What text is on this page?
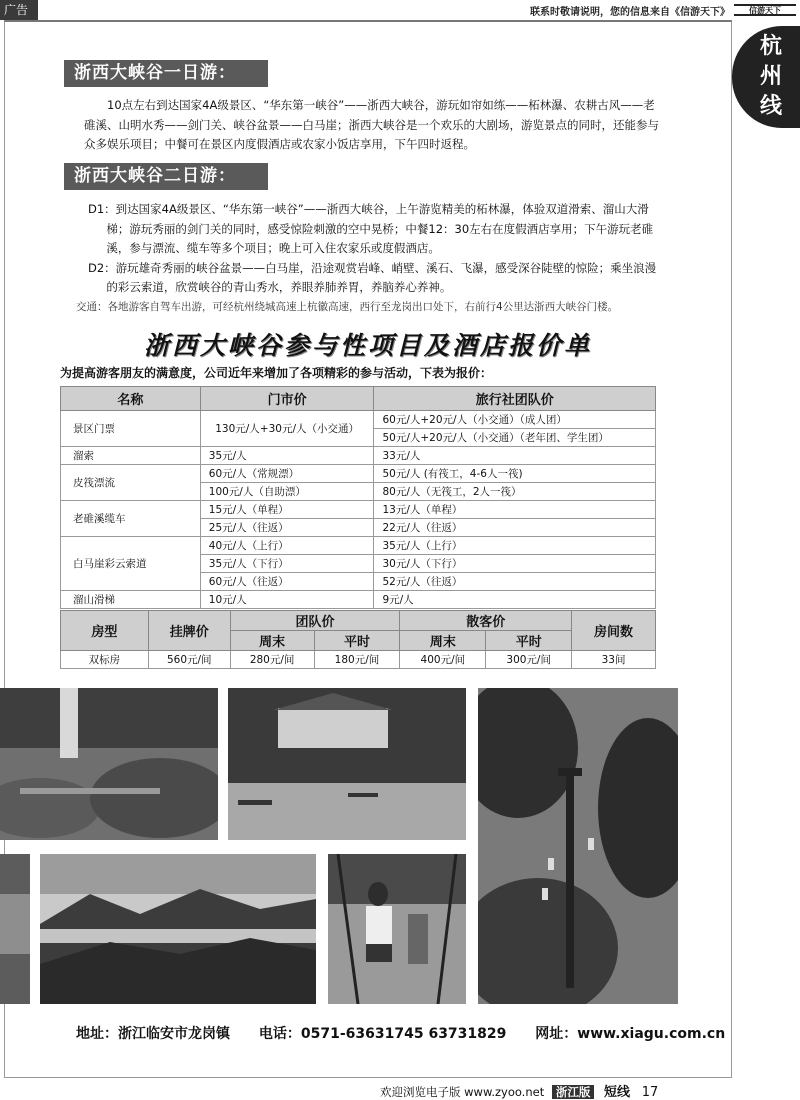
广告	联系时敬请说明，您的信息来自《信游天下》	信游天下
杭
州
线
浙西大峡谷一日游：

10点左右到达国家4A级景区、“华东第一峡谷”——浙西大峡谷，游玩如帘如练——柘林瀑、农耕古风——老碓溪、山明水秀——剑门关、峡谷盆景——白马崖；浙西大峡谷是一个欢乐的大剧场，游览景点的同时，还能参与众多娱乐项目；中餐可在景区内度假酒店或农家小饭店享用，下午四时返程。

浙西大峡谷二日游：

D1：到达国家4A级景区、“华东第一峡谷”——浙西大峡谷，上午游览精美的柘林瀑，体验双道滑索、溜山大滑梯；游玩秀丽的剑门关的同时，感受惊险刺激的空中晃桥；中餐12：30左右在度假酒店享用；下午游玩老碓溪，参与漂流、缆车等多个项目；晚上可入住农家乐或度假酒店。

D2：游玩雄奇秀丽的峡谷盆景——白马崖，沿途观赏岩峰、峭壁、溪石、飞瀑，感受深谷陡壁的惊险；乘坐浪漫的彩云索道，欣赏峡谷的青山秀水，养眼养肺养胃，养脑养心养神。

交通：各地游客自驾车出游，可经杭州绕城高速上杭徽高速，西行至龙岗出口处下，右前行4公里达浙西大峡谷门楼。
浙西大峡谷参与性项目及酒店报价单
为提高游客朋友的满意度，公司近年来增加了各项精彩的参与活动，下表为报价：
名称	门市价	旅行社团队价
景区门票	130元/人+30元/人（小交通）	60元/人+20元/人（小交通）（成人团）
		50元/人+20元/人（小交通）（老年团、学生团）
溜索	35元/人	33元/人
皮筏漂流	60元/人（常规漂）	50元/人 (有筏工，4-6人一筏)
	100元/人（自助漂）	80元/人（无筏工，2人一筏）
老碓溪缆车	15元/人（单程）	13元/人（单程）
	25元/人（往返）	22元/人（往返）
白马崖彩云索道	40元/人（上行）	35元/人（上行）
	35元/人（下行）	30元/人（下行）
	60元/人（往返）	52元/人（往返）
溜山滑梯	10元/人	9元/人
房型	挂牌价	团队价		散客价		房间数
		周末	平时	周末	平时	
双标房	560元/间	280元/间	180元/间	400元/间	300元/间	33间
地址：浙江临安市龙岗镇 电话：0571-63631745 63731829 网址：www.xiagu.com.cn
欢迎浏览电子版 www.zyoo.net 浙江版 短线 17
